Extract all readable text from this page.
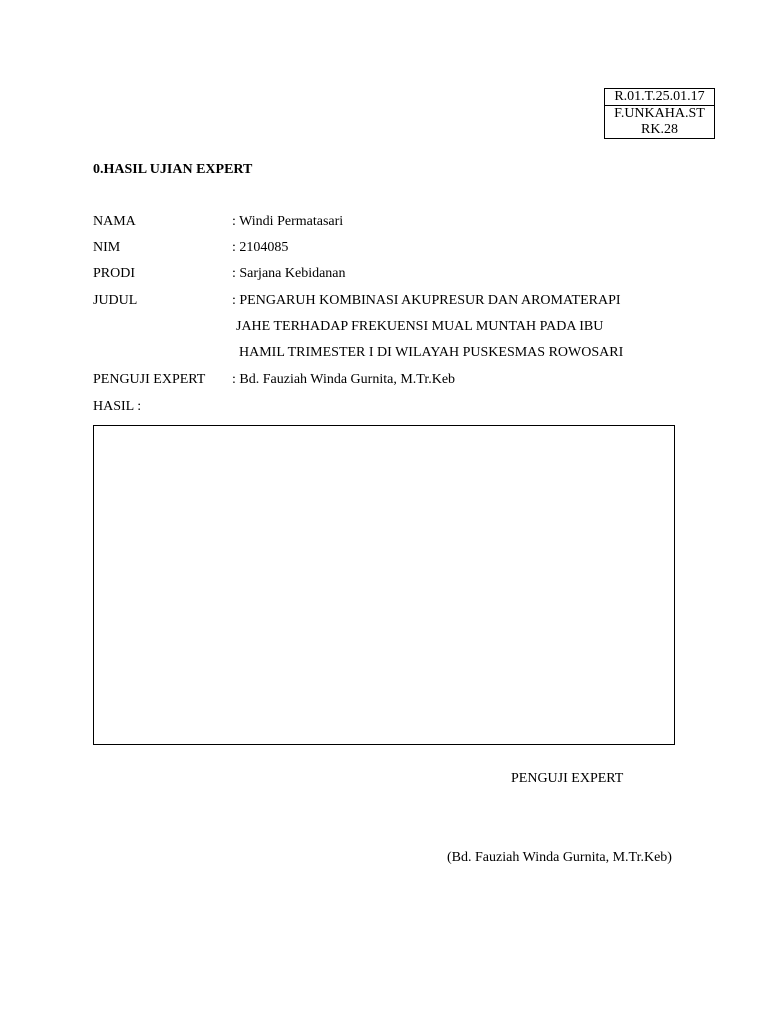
R.01.T.25.01.17
F.UNKAHA.ST
RK.28
0.HASIL UJIAN EXPERT
NAMA	: Windi Permatasari
NIM	: 2104085
PRODI	: Sarjana Kebidanan
JUDUL	: PENGARUH KOMBINASI AKUPRESUR DAN AROMATERAPI
JAHE TERHADAP FREKUENSI MUAL MUNTAH PADA IBU
HAMIL TRIMESTER I DI WILAYAH PUSKESMAS ROWOSARI
PENGUJI EXPERT : Bd. Fauziah Winda Gurnita, M.Tr.Keb
HASIL :
PENGUJI EXPERT
(Bd. Fauziah Winda Gurnita, M.Tr.Keb)
